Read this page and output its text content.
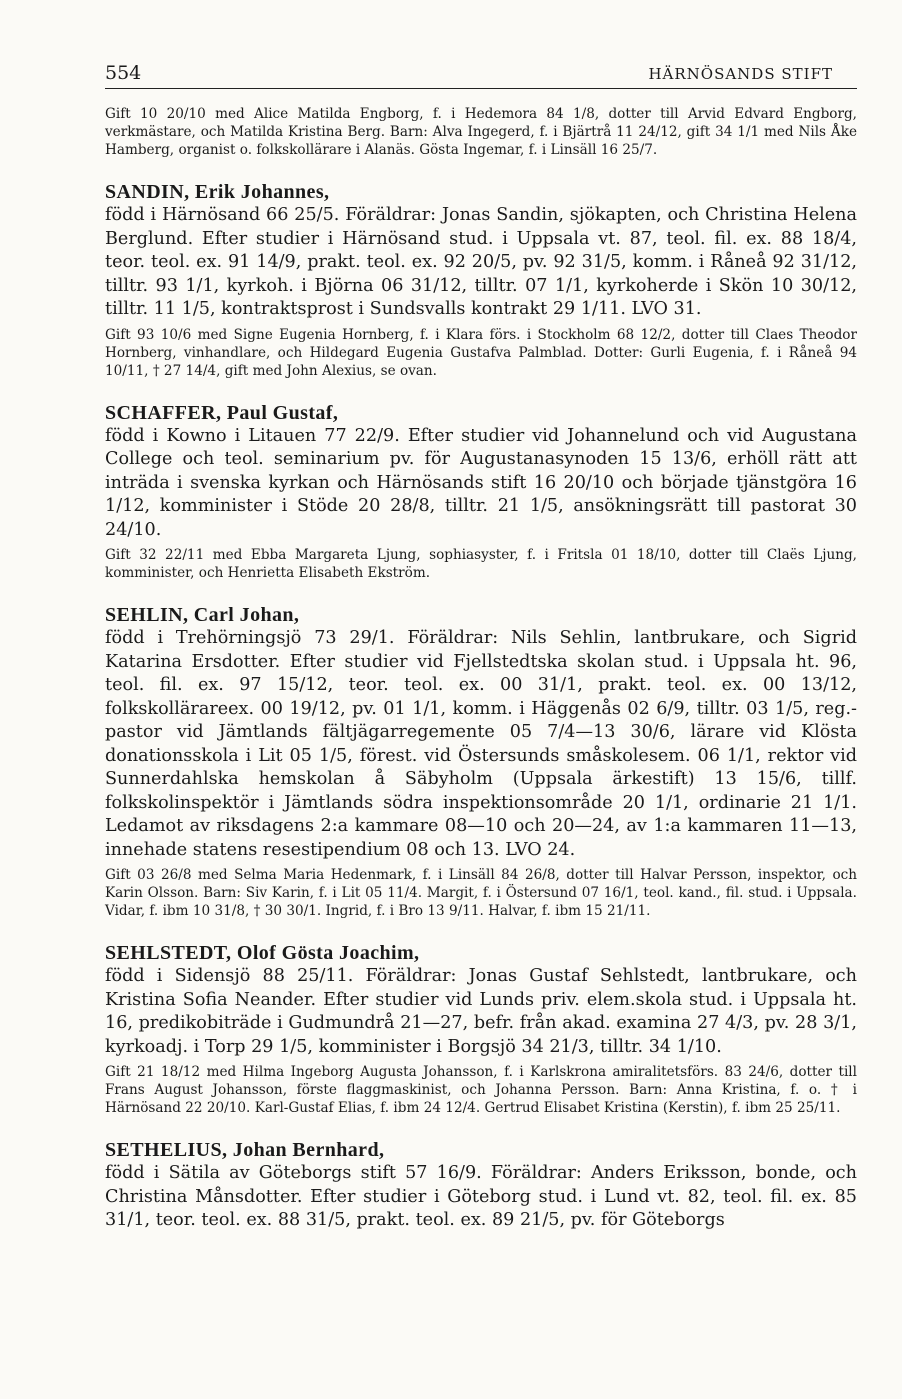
554	HÄRNÖSANDS STIFT

Gift 10 20/10 med Alice Matilda Engborg, f. i Hedemora 84 1/8, dotter till Arvid Edvard Engborg, verkmästare, och Matilda Kristina Berg. Barn: Alva Ingegerd, f. i Bjärtrå 11 24/12, gift 34 1/1 med Nils Åke Hamberg, organist o. folkskollärare i Alanäs. Gösta Ingemar, f. i Linsäll 16 25/7.

SANDIN, Erik Johannes,

född i Härnösand 66 25/5. Föräldrar: Jonas Sandin, sjökapten, och Christina Helena Berglund. Efter studier i Härnösand stud. i Uppsala vt. 87, teol. fil. ex. 88 18/4, teor. teol. ex. 91 14/9, prakt. teol. ex. 92 20/5, pv. 92 31/5, komm. i Råneå 92 31/12, tilltr. 93 1/1, kyrkoh. i Björna 06 31/12, tilltr. 07 1/1, kyrkoherde i Skön 10 30/12, tilltr. 11 1/5, kontraktsprost i Sundsvalls kontrakt 29 1/11. LVO 31.

Gift 93 10/6 med Signe Eugenia Hornberg, f. i Klara förs. i Stockholm 68 12/2, dotter till Claes Theodor Hornberg, vinhandlare, och Hildegard Eugenia Gustafva Palmblad. Dotter: Gurli Eugenia, f. i Råneå 94 10/11, † 27 14/4, gift med John Alexius, se ovan.

SCHAFFER, Paul Gustaf,

född i Kowno i Litauen 77 22/9. Efter studier vid Johannelund och vid Augustana College och teol. seminarium pv. för Augustanasynoden 15 13/6, erhöll rätt att inträda i svenska kyrkan och Härnösands stift 16 20/10 och började tjänstgöra 16 1/12, komminister i Stöde 20 28/8, tilltr. 21 1/5, ansökningsrätt till pastorat 30 24/10.

Gift 32 22/11 med Ebba Margareta Ljung, sophiasyster, f. i Fritsla 01 18/10, dotter till Claës Ljung, komminister, och Henrietta Elisabeth Ekström.

SEHLIN, Carl Johan,

född i Trehörningsjö 73 29/1. Föräldrar: Nils Sehlin, lantbrukare, och Sigrid Katarina Ersdotter. Efter studier vid Fjellstedtska skolan stud. i Uppsala ht. 96, teol. fil. ex. 97 15/12, teor. teol. ex. 00 31/1, prakt. teol. ex. 00 13/12, folkskollärareex. 00 19/12, pv. 01 1/1, komm. i Häggenås 02 6/9, tilltr. 03 1/5, reg.-pastor vid Jämtlands fältjägarregemente 05 7/4—13 30/6, lärare vid Klösta donationsskola i Lit 05 1/5, förest. vid Östersunds småskolesem. 06 1/1, rektor vid Sunnerdahlska hemskolan å Säbyholm (Uppsala ärkestift) 13 15/6, tillf. folkskolinspektör i Jämtlands södra inspektionsområde 20 1/1, ordinarie 21 1/1. Ledamot av riksdagens 2:a kammare 08—10 och 20—24, av 1:a kammaren 11—13, innehade statens resestipendium 08 och 13. LVO 24.

Gift 03 26/8 med Selma Maria Hedenmark, f. i Linsäll 84 26/8, dotter till Halvar Persson, inspektor, och Karin Olsson. Barn: Siv Karin, f. i Lit 05 11/4. Margit, f. i Östersund 07 16/1, teol. kand., fil. stud. i Uppsala. Vidar, f. ibm 10 31/8, † 30 30/1. Ingrid, f. i Bro 13 9/11. Halvar, f. ibm 15 21/11.

SEHLSTEDT, Olof Gösta Joachim,

född i Sidensjö 88 25/11. Föräldrar: Jonas Gustaf Sehlstedt, lantbrukare, och Kristina Sofia Neander. Efter studier vid Lunds priv. elem.skola stud. i Uppsala ht. 16, predikobiträde i Gudmundrå 21—27, befr. från akad. examina 27 4/3, pv. 28 3/1, kyrkoadj. i Torp 29 1/5, komminister i Borgsjö 34 21/3, tilltr. 34 1/10.

Gift 21 18/12 med Hilma Ingeborg Augusta Johansson, f. i Karlskrona amiralitetsförs. 83 24/6, dotter till Frans August Johansson, förste flaggmaskinist, och Johanna Persson. Barn: Anna Kristina, f. o. † i Härnösand 22 20/10. Karl-Gustaf Elias, f. ibm 24 12/4. Gertrud Elisabet Kristina (Kerstin), f. ibm 25 25/11.

SETHELIUS, Johan Bernhard,

född i Sätila av Göteborgs stift 57 16/9. Föräldrar: Anders Eriksson, bonde, och Christina Månsdotter. Efter studier i Göteborg stud. i Lund vt. 82, teol. fil. ex. 85 31/1, teor. teol. ex. 88 31/5, prakt. teol. ex. 89 21/5, pv. för Göteborgs
